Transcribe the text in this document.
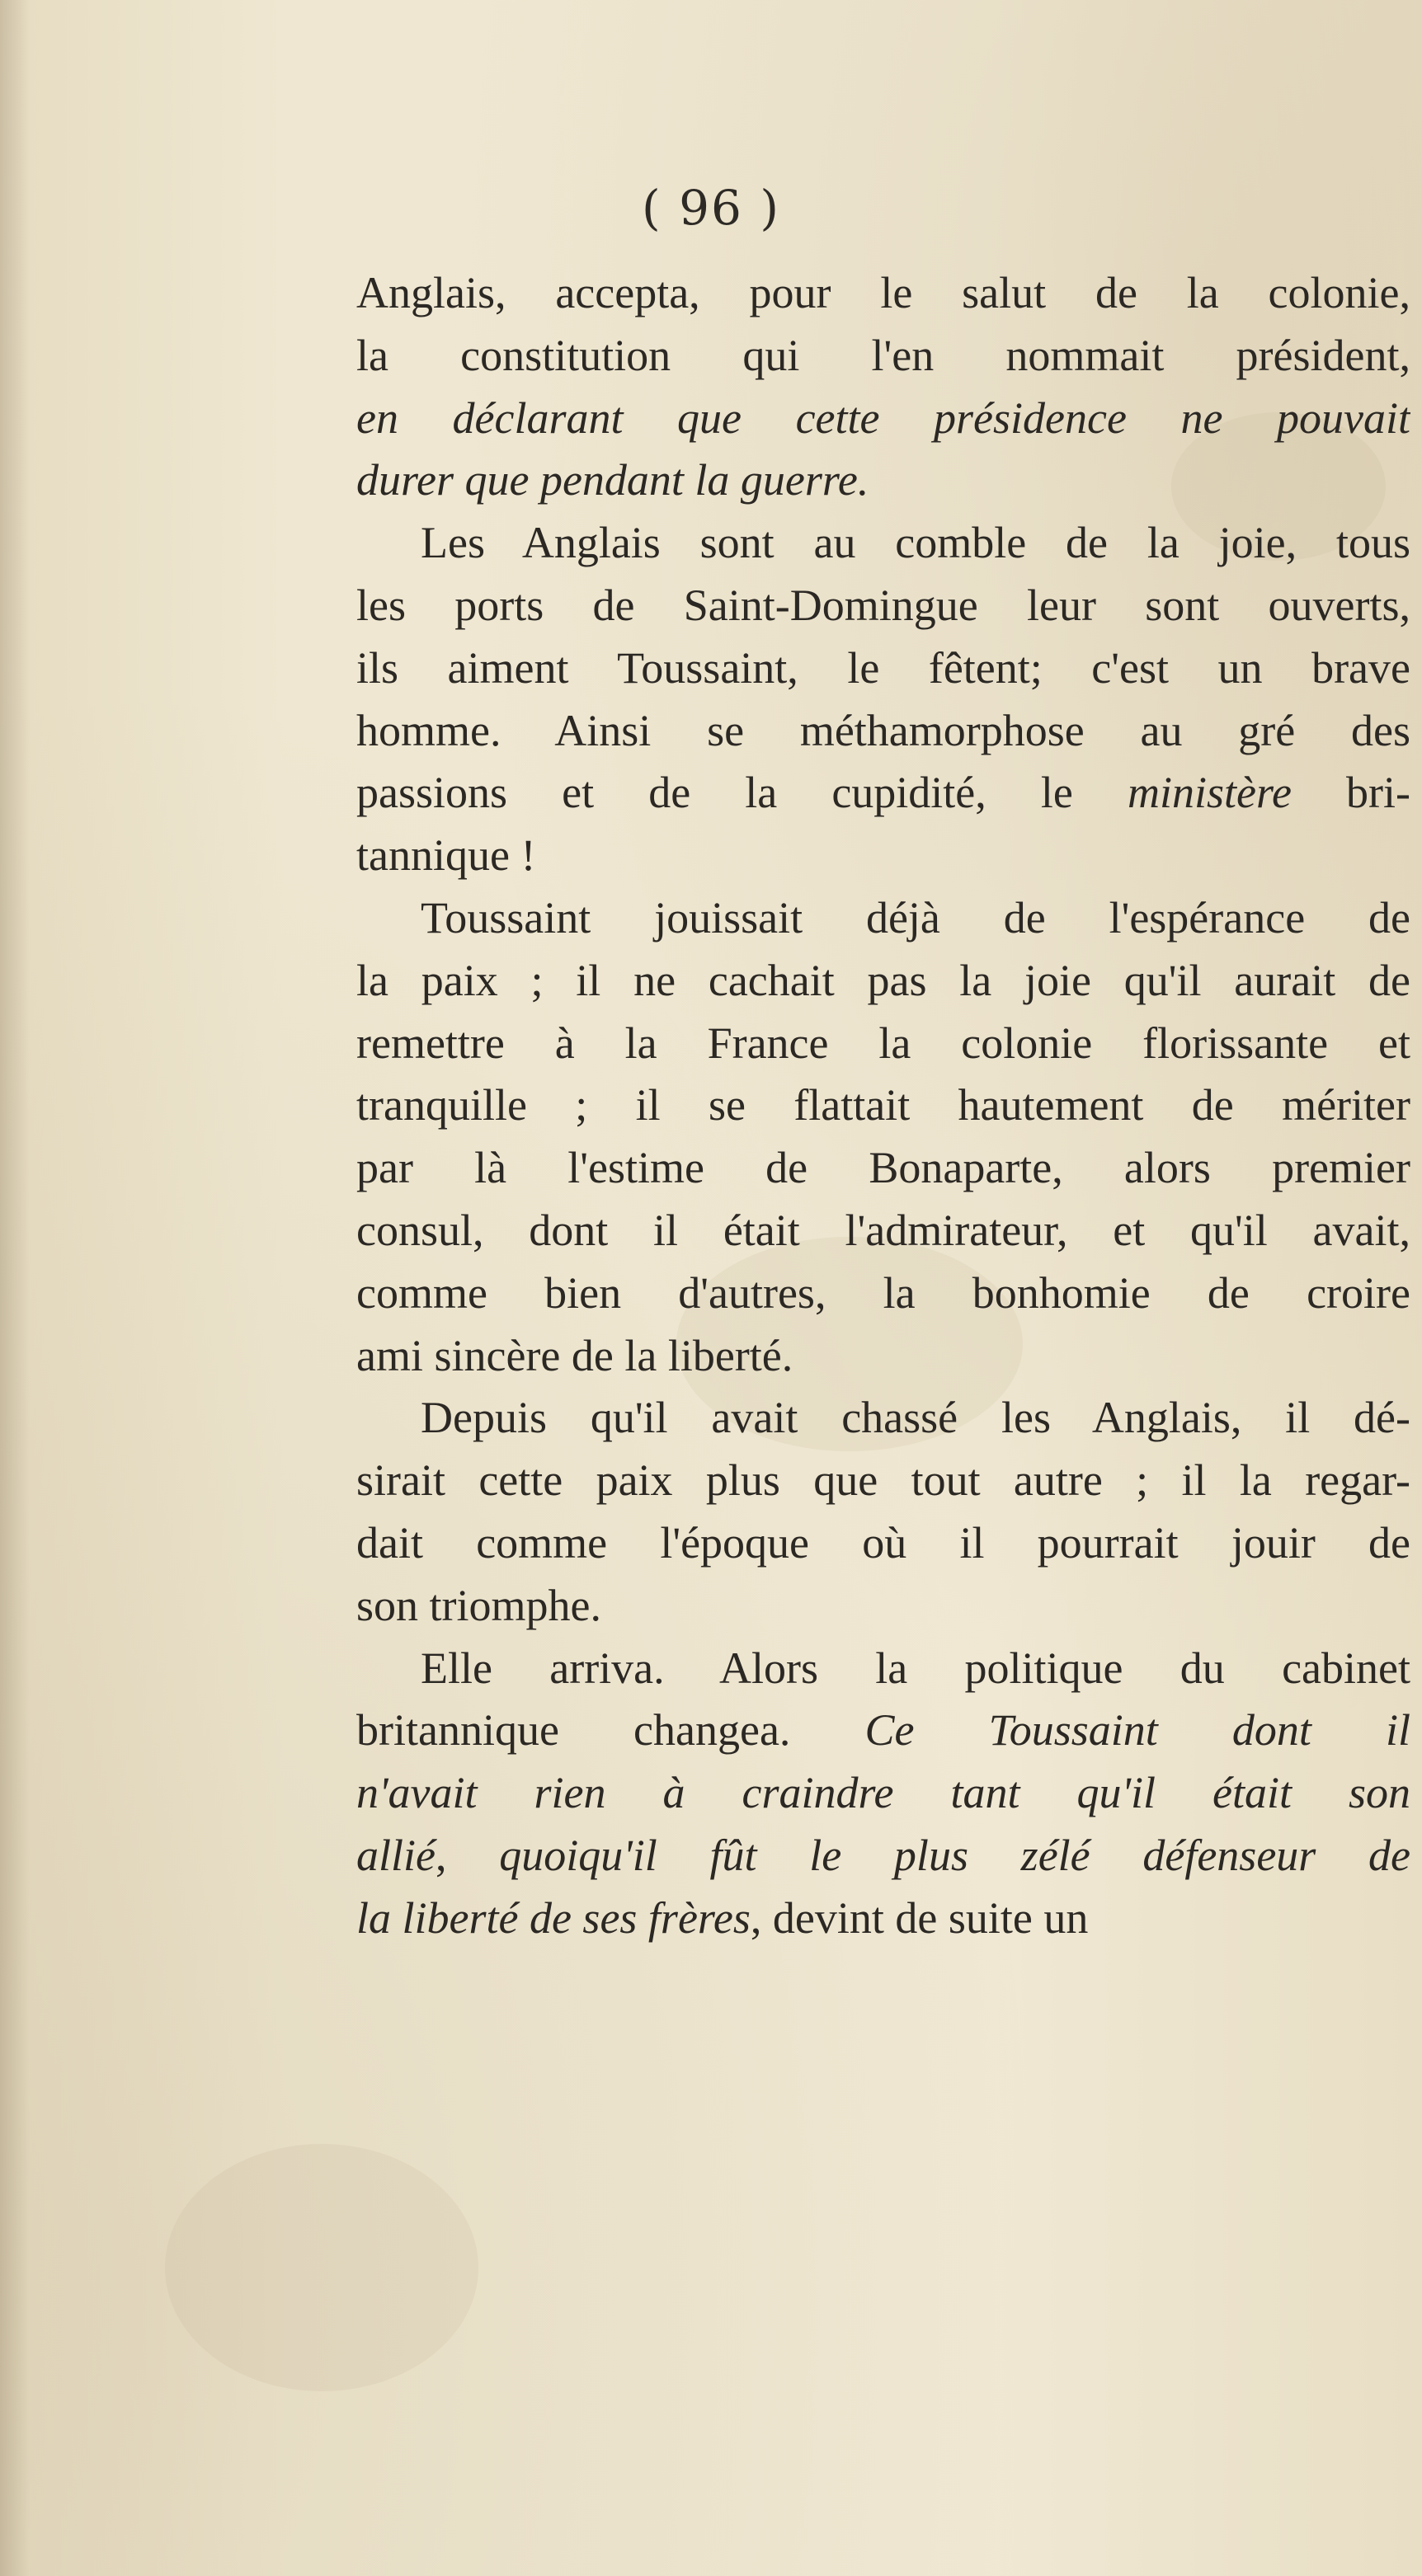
( 96 )
Anglais, accepta, pour le salut de la colonie,
la constitution qui l'en nommait président,
en déclarant que cette présidence ne pouvait
durer que pendant la guerre.
Les Anglais sont au comble de la joie, tous
les ports de Saint-Domingue leur sont ouverts,
ils aiment Toussaint, le fêtent; c'est un brave
homme. Ainsi se méthamorphose au gré des
passions et de la cupidité, le ministère bri-
tannique !
Toussaint jouissait déjà de l'espérance de
la paix ; il ne cachait pas la joie qu'il aurait de
remettre à la France la colonie florissante et
tranquille ; il se flattait hautement de mériter
par là l'estime de Bonaparte, alors premier
consul, dont il était l'admirateur, et qu'il avait,
comme bien d'autres, la bonhomie de croire
ami sincère de la liberté.
Depuis qu'il avait chassé les Anglais, il dé-
sirait cette paix plus que tout autre ; il la regar-
dait comme l'époque où il pourrait jouir de
son triomphe.
Elle arriva. Alors la politique du cabinet
britannique changea. Ce Toussaint dont il
n'avait rien à craindre tant qu'il était son
allié, quoiqu'il fût le plus zélé défenseur de
la liberté de ses frères, devint de suite un
